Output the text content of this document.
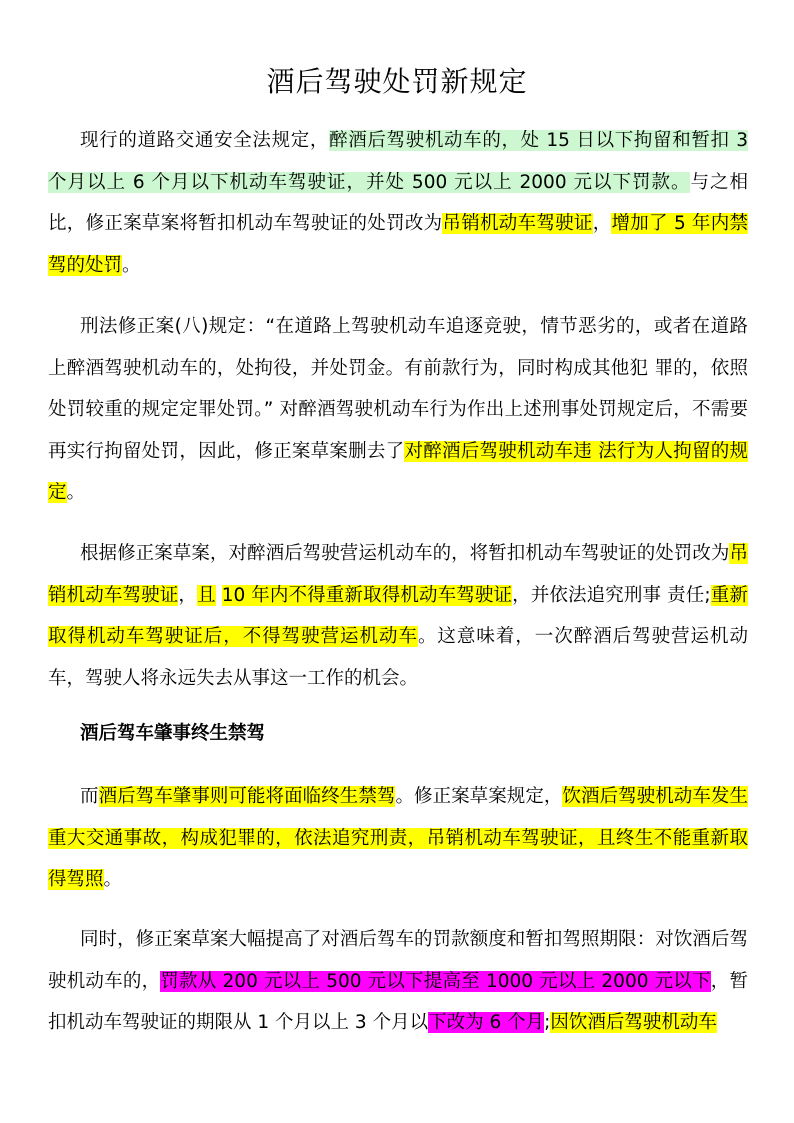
酒后驾驶处罚新规定
现行的道路交通安全法规定，醉酒后驾驶机动车的，处 15 日以下拘留和暂扣 3 个月以上 6 个月以下机动车驾驶证，并处 500 元以上 2000 元以下罚款。与之相比，修正案草案将暂扣机动车驾驶证的处罚改为吊销机动车驾驶证，增加了 5 年内禁驾的处罚。
刑法修正案(八)规定：“在道路上驾驶机动车追逐竞驶，情节恶劣的，或者在道路上醉酒驾驶机动车的，处拘役，并处罚金。有前款行为，同时构成其他犯 罪的，依照处罚较重的规定定罪处罚。” 对醉酒驾驶机动车行为作出上述刑事处罚规定后，不需要再实行拘留处罚，因此，修正案草案删去了对醉酒后驾驶机动车违 法行为人拘留的规定。
根据修正案草案，对醉酒后驾驶营运机动车的，将暂扣机动车驾驶证的处罚改为吊销机动车驾驶证，且 10 年内不得重新取得机动车驾驶证，并依法追究刑事 责任;重新取得机动车驾驶证后，不得驾驶营运机动车。这意味着，一次醉酒后驾驶营运机动车，驾驶人将永远失去从事这一工作的机会。
酒后驾车肇事终生禁驾
而酒后驾车肇事则可能将面临终生禁驾。修正案草案规定，饮酒后驾驶机动车发生重大交通事故，构成犯罪的，依法追究刑责，吊销机动车驾驶证，且终生不能重新取得驾照。
同时，修正案草案大幅提高了对酒后驾车的罚款额度和暂扣驾照期限：对饮酒后驾驶机动车的，罚款从 200 元以上 500 元以下提高至 1000 元以上 2000 元以下，暂扣机动车驾驶证的期限从 1 个月以上 3 个月以下改为 6 个月;因饮酒后驾驶机动车
